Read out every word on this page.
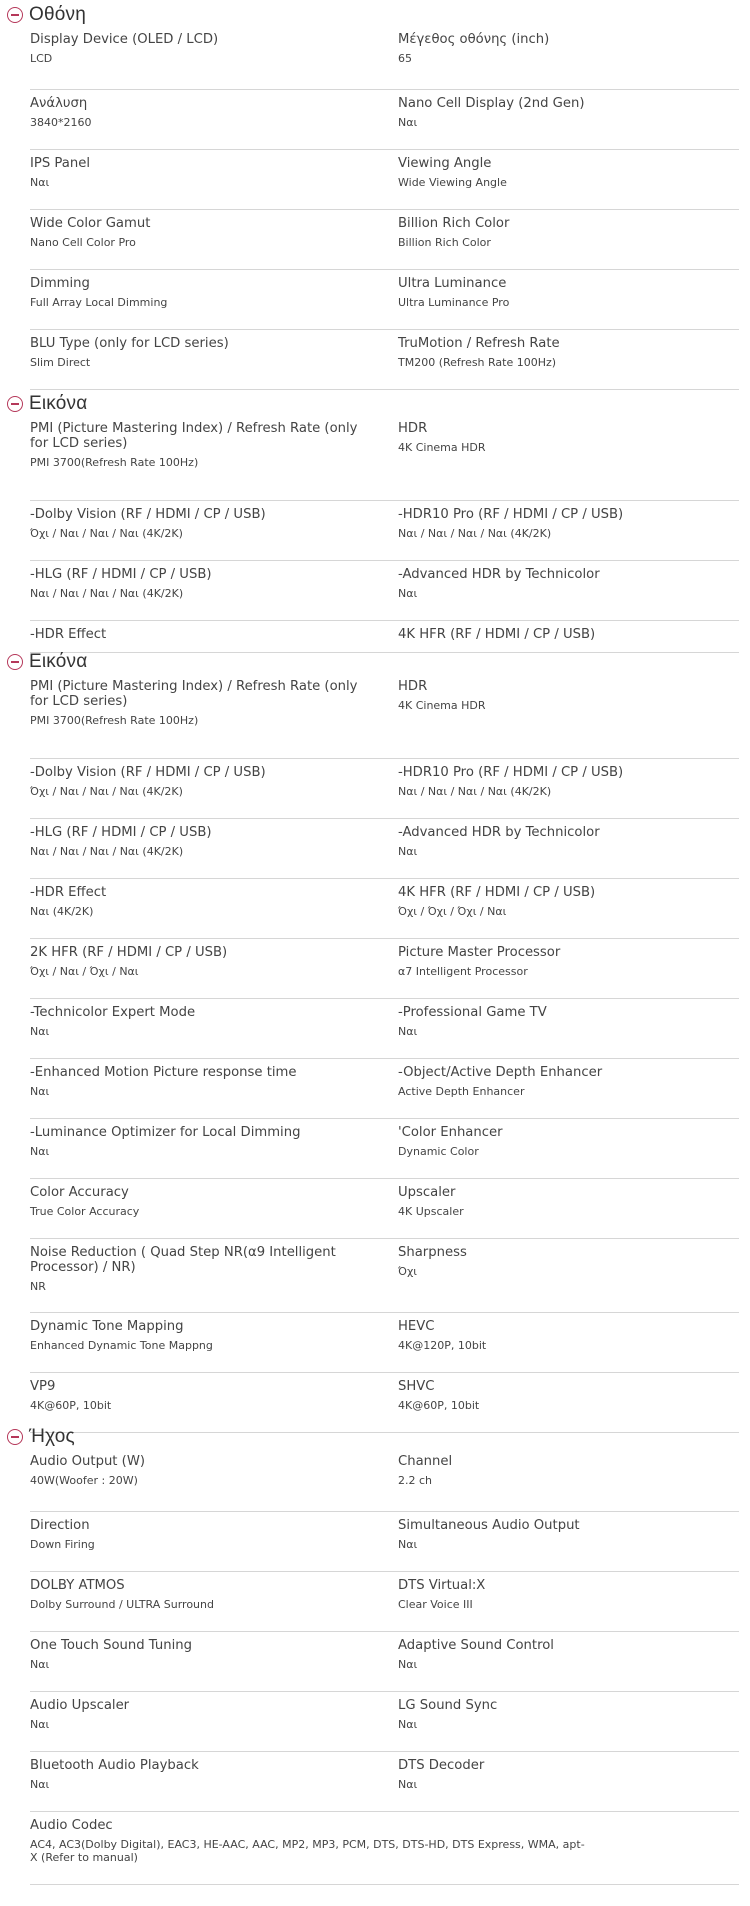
Οθόνη
Display Device (OLED / LCD)
LCD
Μέγεθος οθόνης (inch)
65
Ανάλυση
3840*2160
Nano Cell Display (2nd Gen)
Ναι
IPS Panel
Ναι
Viewing Angle
Wide Viewing Angle
Wide Color Gamut
Nano Cell Color Pro
Billion Rich Color
Billion Rich Color
Dimming
Full Array Local Dimming
Ultra Luminance
Ultra Luminance Pro
BLU Type (only for LCD series)
Slim Direct
TruMotion / Refresh Rate
TM200 (Refresh Rate 100Hz)
Εικόνα
PMI (Picture Mastering Index) / Refresh Rate (only for LCD series)
PMI 3700(Refresh Rate 100Hz)
HDR
4K Cinema HDR
-Dolby Vision (RF / HDMI / CP / USB)
Όχι / Ναι / Ναι / Ναι (4K/2K)
-HDR10 Pro (RF / HDMI / CP / USB)
Ναι / Ναι / Ναι / Ναι (4K/2K)
-HLG (RF / HDMI / CP / USB)
Ναι / Ναι / Ναι / Ναι (4K/2K)
-Advanced HDR by Technicolor
Ναι
-HDR Effect	4K HFR (RF / HDMI / CP / USB)
Εικόνα
PMI (Picture Mastering Index) / Refresh Rate (only for LCD series)
PMI 3700(Refresh Rate 100Hz)
HDR
4K Cinema HDR
-Dolby Vision (RF / HDMI / CP / USB)
Όχι / Ναι / Ναι / Ναι (4K/2K)
-HDR10 Pro (RF / HDMI / CP / USB)
Ναι / Ναι / Ναι / Ναι (4K/2K)
-HLG (RF / HDMI / CP / USB)
Ναι / Ναι / Ναι / Ναι (4K/2K)
-Advanced HDR by Technicolor
Ναι
-HDR Effect
Ναι (4K/2K)
4K HFR (RF / HDMI / CP / USB)
Όχι / Όχι / Όχι / Ναι
2K HFR (RF / HDMI / CP / USB)
Όχι / Ναι / Όχι / Ναι
Picture Master Processor
α7 Intelligent Processor
-Technicolor Expert Mode
Ναι
-Professional Game TV
Ναι
-Enhanced Motion Picture response time
Ναι
-Object/Active Depth Enhancer
Active Depth Enhancer
-Luminance Optimizer for Local Dimming
Ναι
'Color Enhancer
Dynamic Color
Color Accuracy
True Color Accuracy
Upscaler
4K Upscaler
Noise Reduction ( Quad Step NR(α9 Intelligent Processor) / NR)
NR
Sharpness
Όχι
Dynamic Tone Mapping
Enhanced Dynamic Tone Mappng
HEVC
4K@120P, 10bit
VP9
4K@60P, 10bit
SHVC
4K@60P, 10bit
Ήχος
Audio Output (W)
40W(Woofer : 20W)
Channel
2.2 ch
Direction
Down Firing
Simultaneous Audio Output
Ναι
DOLBY ATMOS
Dolby Surround / ULTRA Surround
DTS Virtual:X
Clear Voice III
One Touch Sound Tuning
Ναι
Adaptive Sound Control
Ναι
Audio Upscaler
Ναι
LG Sound Sync
Ναι
Bluetooth Audio Playback
Ναι
DTS Decoder
Ναι
Audio Codec
AC4, AC3(Dolby Digital), EAC3, HE-AAC, AAC, MP2, MP3, PCM, DTS, DTS-HD, DTS Express, WMA, apt-X (Refer to manual)
